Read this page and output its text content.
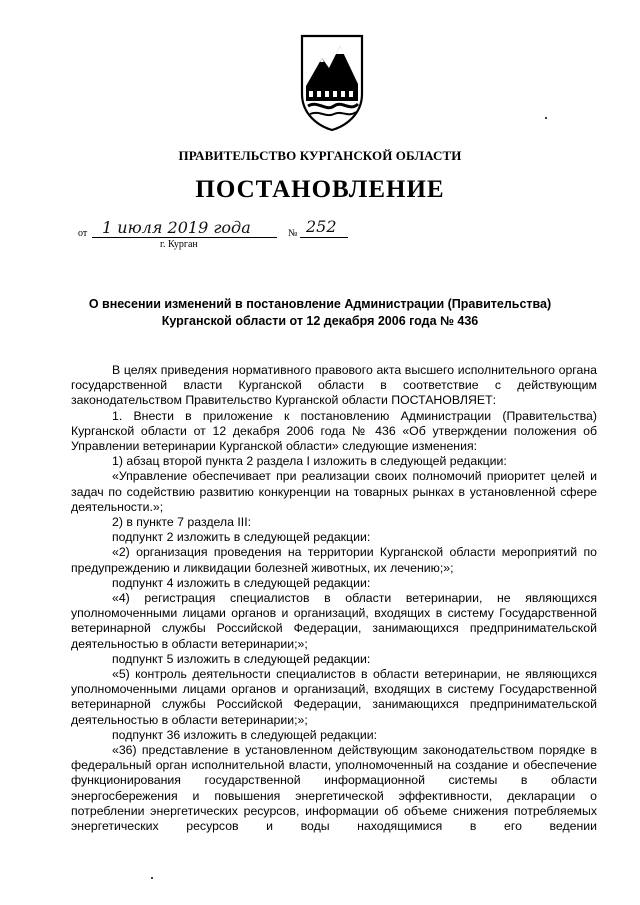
ПРАВИТЕЛЬСТВО КУРГАНСКОЙ ОБЛАСТИ
ПОСТАНОВЛЕНИЕ
от 1 июля 2019 года	№ 252
г. Курган
О внесении изменений в постановление Администрации (Правительства)
Курганской области от 12 декабря 2006 года № 436

В целях приведения нормативного правового акта высшего исполнительного органа государственной власти Курганской области в соответствие с действующим законодательством Правительство Курганской области ПОСТАНОВЛЯЕТ:

1. Внести в приложение к постановлению Администрации (Правительства) Курганской области от 12 декабря 2006 года № 436 «Об утверждении положения об Управлении ветеринарии Курганской области» следующие изменения:

1) абзац второй пункта 2 раздела I изложить в следующей редакции:

«Управление обеспечивает при реализации своих полномочий приоритет целей и задач по содействию развитию конкуренции на товарных рынках в установленной сфере деятельности.»;

2) в пункте 7 раздела III:

подпункт 2 изложить в следующей редакции:

«2) организация проведения на территории Курганской области мероприятий по предупреждению и ликвидации болезней животных, их лечению;»;

подпункт 4 изложить в следующей редакции:

«4) регистрация специалистов в области ветеринарии, не являющихся уполномоченными лицами органов и организаций, входящих в систему Государственной ветеринарной службы Российской Федерации, занимающихся предпринимательской деятельностью в области ветеринарии;»;

подпункт 5 изложить в следующей редакции:

«5) контроль деятельности специалистов в области ветеринарии, не являющихся уполномоченными лицами органов и организаций, входящих в систему Государственной ветеринарной службы Российской Федерации, занимающихся предпринимательской деятельностью в области ветеринарии;»;

подпункт 36 изложить в следующей редакции:

«36) представление в установленном действующим законодательством порядке в федеральный орган исполнительной власти, уполномоченный на создание и обеспечение функционирования государственной информационной системы в области энергосбережения и повышения энергетической эффективности, декларации о потреблении энергетических ресурсов, информации об объеме снижения потребляемых энергетических ресурсов и воды находящимися в его ведении
